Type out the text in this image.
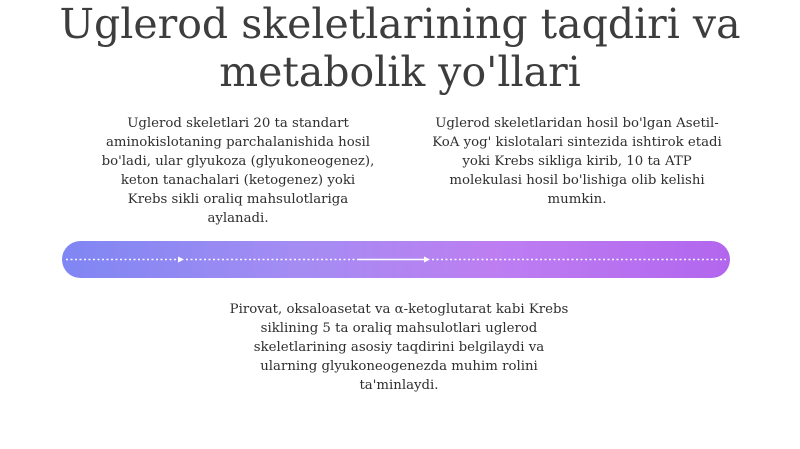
Uglerod skeletlarining taqdiri va
metabolik yo'llari

Uglerod skeletlari 20 ta standart
aminokislotaning parchalanishida hosil
bo'ladi, ular glyukoza (glyukoneogenez),
keton tanachalari (ketogenez) yoki
Krebs sikli oraliq mahsulotlariga
aylanadi.

Uglerod skeletlaridan hosil bo'lgan Asetil-
KoA yog' kislotalari sintezida ishtirok etadi
yoki Krebs sikliga kirib, 10 ta ATP
molekulasi hosil bo'lishiga olib kelishi
mumkin.

Pirovat, oksaloasetat va α-ketoglutarat kabi Krebs
siklining 5 ta oraliq mahsulotlari uglerod
skeletlarining asosiy taqdirini belgilaydi va
ularning glyukoneogenezda muhim rolini
ta'minlaydi.
